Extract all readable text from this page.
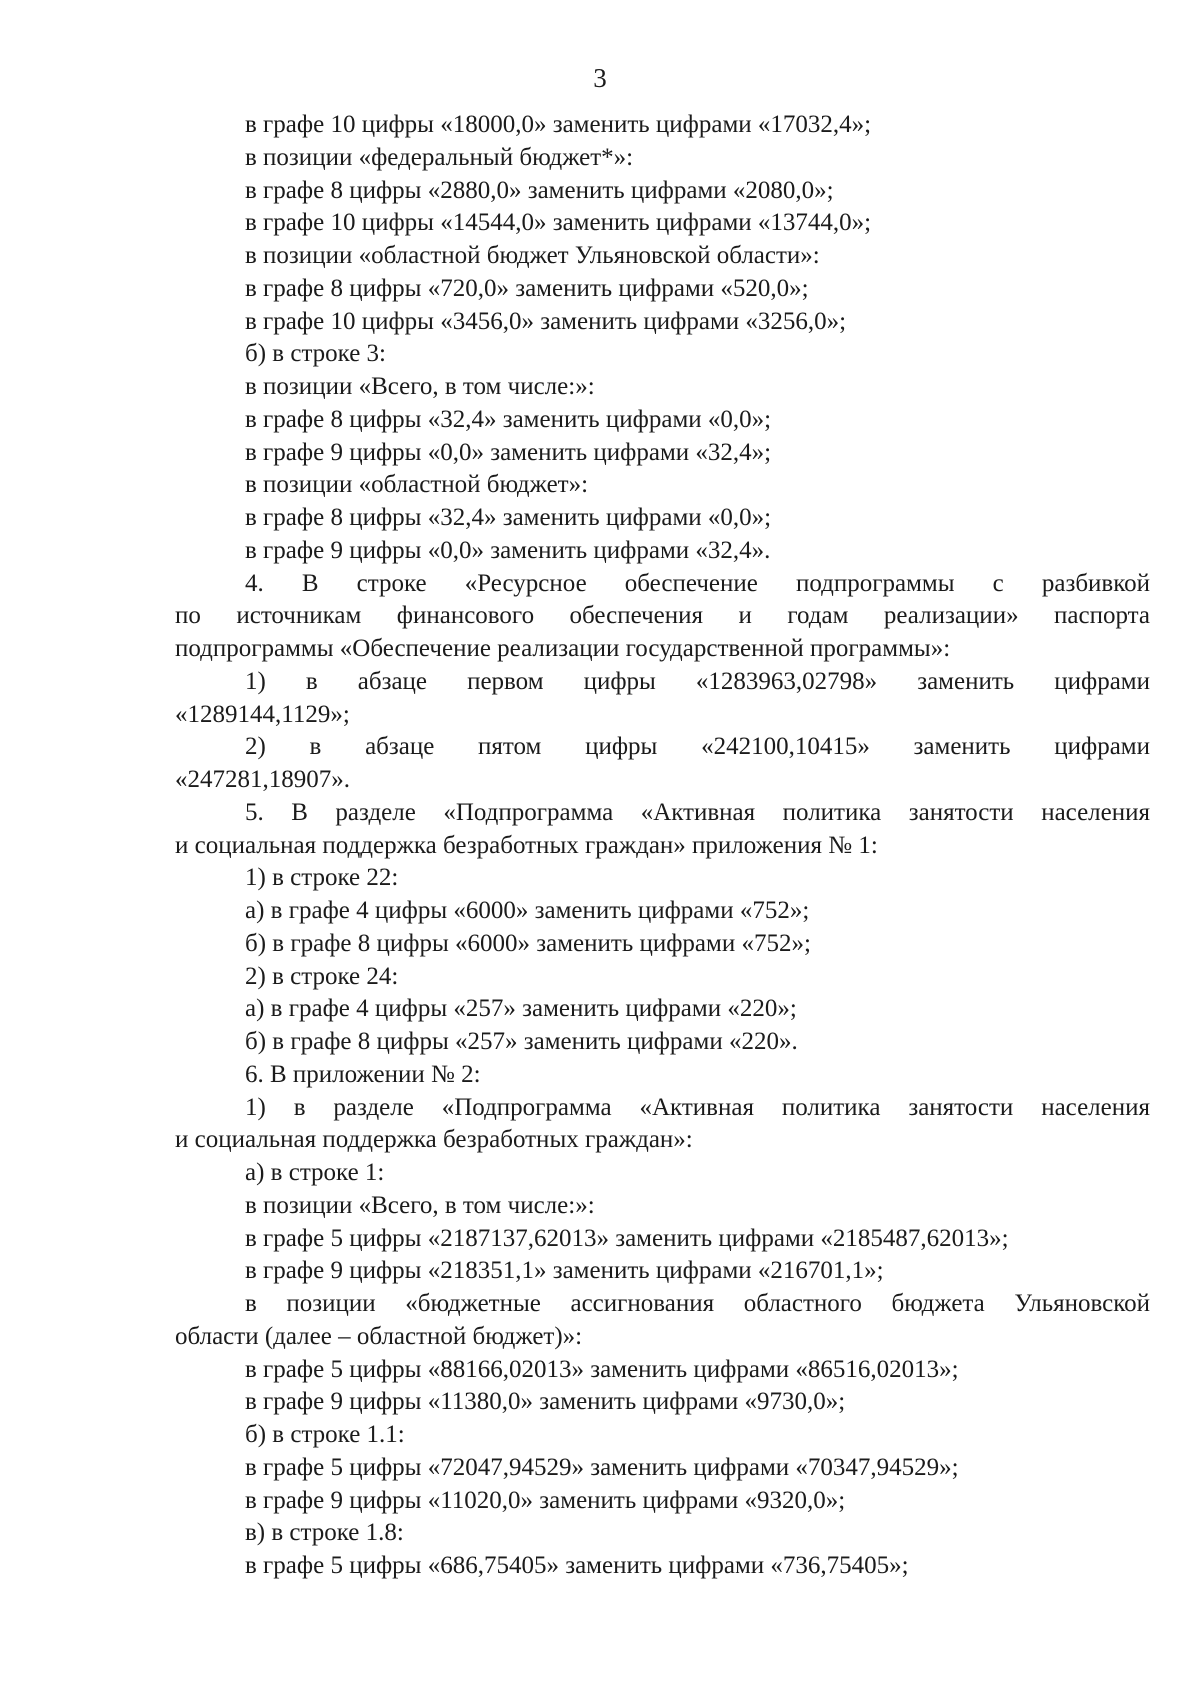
3
в графе 10 цифры «18000,0» заменить цифрами «17032,4»;
в позиции «федеральный бюджет*»:
в графе 8 цифры «2880,0» заменить цифрами «2080,0»;
в графе 10 цифры «14544,0» заменить цифрами «13744,0»;
в позиции «областной бюджет Ульяновской области»:
в графе 8 цифры «720,0» заменить цифрами «520,0»;
в графе 10 цифры «3456,0» заменить цифрами «3256,0»;
б) в строке 3:
в позиции «Всего, в том числе:»:
в графе 8 цифры «32,4» заменить цифрами «0,0»;
в графе 9 цифры «0,0» заменить цифрами «32,4»;
в позиции «областной бюджет»:
в графе 8 цифры «32,4» заменить цифрами «0,0»;
в графе 9 цифры «0,0» заменить цифрами «32,4».
4. В строке «Ресурсное обеспечение подпрограммы с разбивкой
по источникам финансового обеспечения и годам реализации» паспорта
подпрограммы «Обеспечение реализации государственной программы»:
1) в абзаце первом цифры «1283963,02798» заменить цифрами
«1289144,1129»;
2) в абзаце пятом цифры «242100,10415» заменить цифрами
«247281,18907».
5. В разделе «Подпрограмма «Активная политика занятости населения
и социальная поддержка безработных граждан» приложения № 1:
1) в строке 22:
а) в графе 4 цифры «6000» заменить цифрами «752»;
б) в графе 8 цифры «6000» заменить цифрами «752»;
2) в строке 24:
а) в графе 4 цифры «257» заменить цифрами «220»;
б) в графе 8 цифры «257» заменить цифрами «220».
6. В приложении № 2:
1) в разделе «Подпрограмма «Активная политика занятости населения
и социальная поддержка безработных граждан»:
а) в строке 1:
в позиции «Всего, в том числе:»:
в графе 5 цифры «2187137,62013» заменить цифрами «2185487,62013»;
в графе 9 цифры «218351,1» заменить цифрами «216701,1»;
в позиции «бюджетные ассигнования областного бюджета Ульяновской
области (далее – областной бюджет)»:
в графе 5 цифры «88166,02013» заменить цифрами «86516,02013»;
в графе 9 цифры «11380,0» заменить цифрами «9730,0»;
б) в строке 1.1:
в графе 5 цифры «72047,94529» заменить цифрами «70347,94529»;
в графе 9 цифры «11020,0» заменить цифрами «9320,0»;
в) в строке 1.8:
в графе 5 цифры «686,75405» заменить цифрами «736,75405»;
